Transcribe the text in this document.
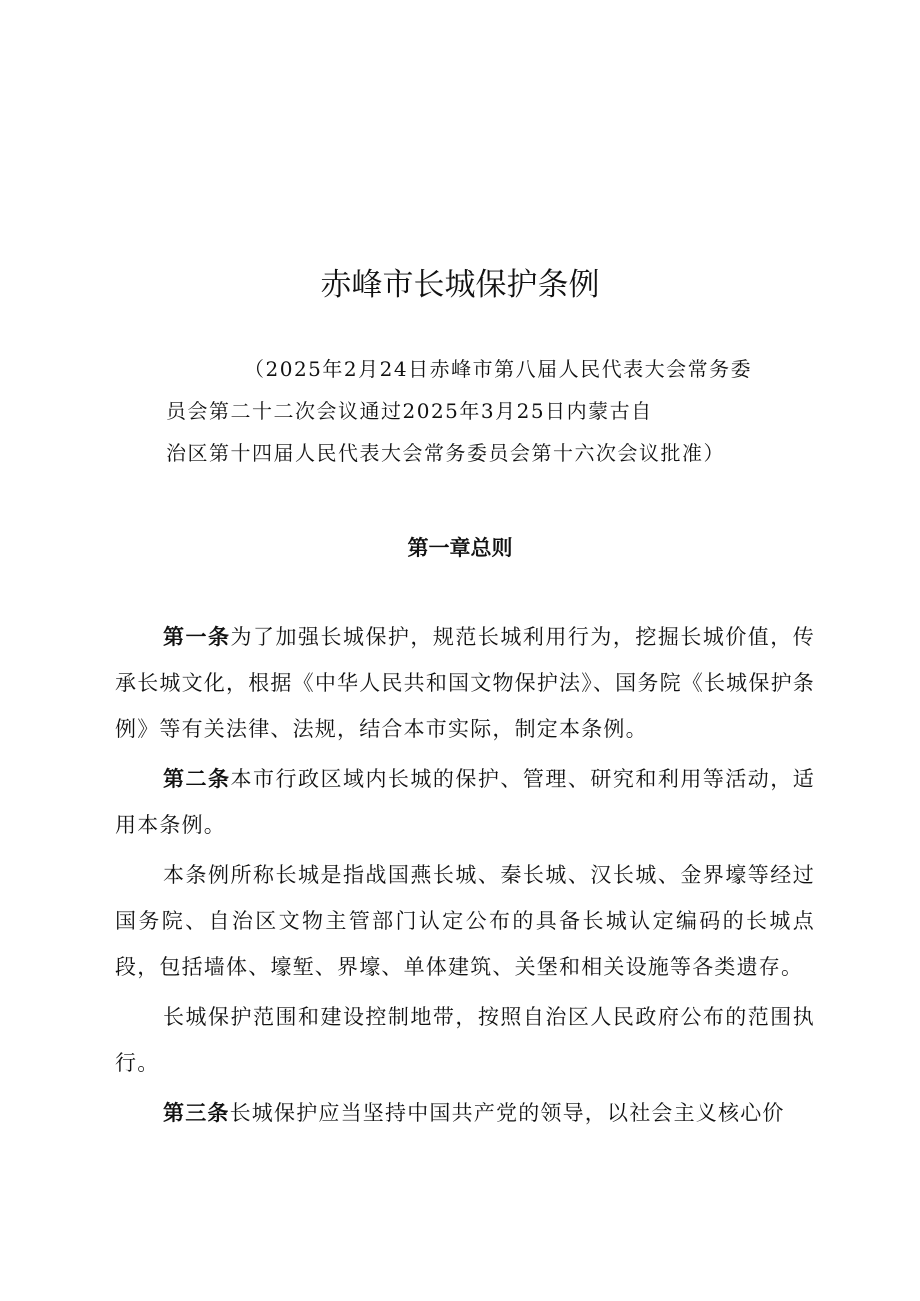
赤峰市长城保护条例
（2025年2月24日赤峰市第八届人民代表大会常务委
员会第二十二次会议通过2025年3月25日内蒙古自
治区第十四届人民代表大会常务委员会第十六次会议批准）
第一章总则

第一条为了加强长城保护，规范长城利用行为，挖掘长城价值，传承长城文化，根据《中华人民共和国文物保护法》、国务院《长城保护条例》等有关法律、法规，结合本市实际，制定本条例。

第二条本市行政区域内长城的保护、管理、研究和利用等活动，适用本条例。

本条例所称长城是指战国燕长城、秦长城、汉长城、金界壕等经过国务院、自治区文物主管部门认定公布的具备长城认定编码的长城点段，包括墙体、壕堑、界壕、单体建筑、关堡和相关设施等各类遗存。

长城保护范围和建设控制地带，按照自治区人民政府公布的范围执行。

第三条长城保护应当坚持中国共产党的领导，以社会主义核心价
